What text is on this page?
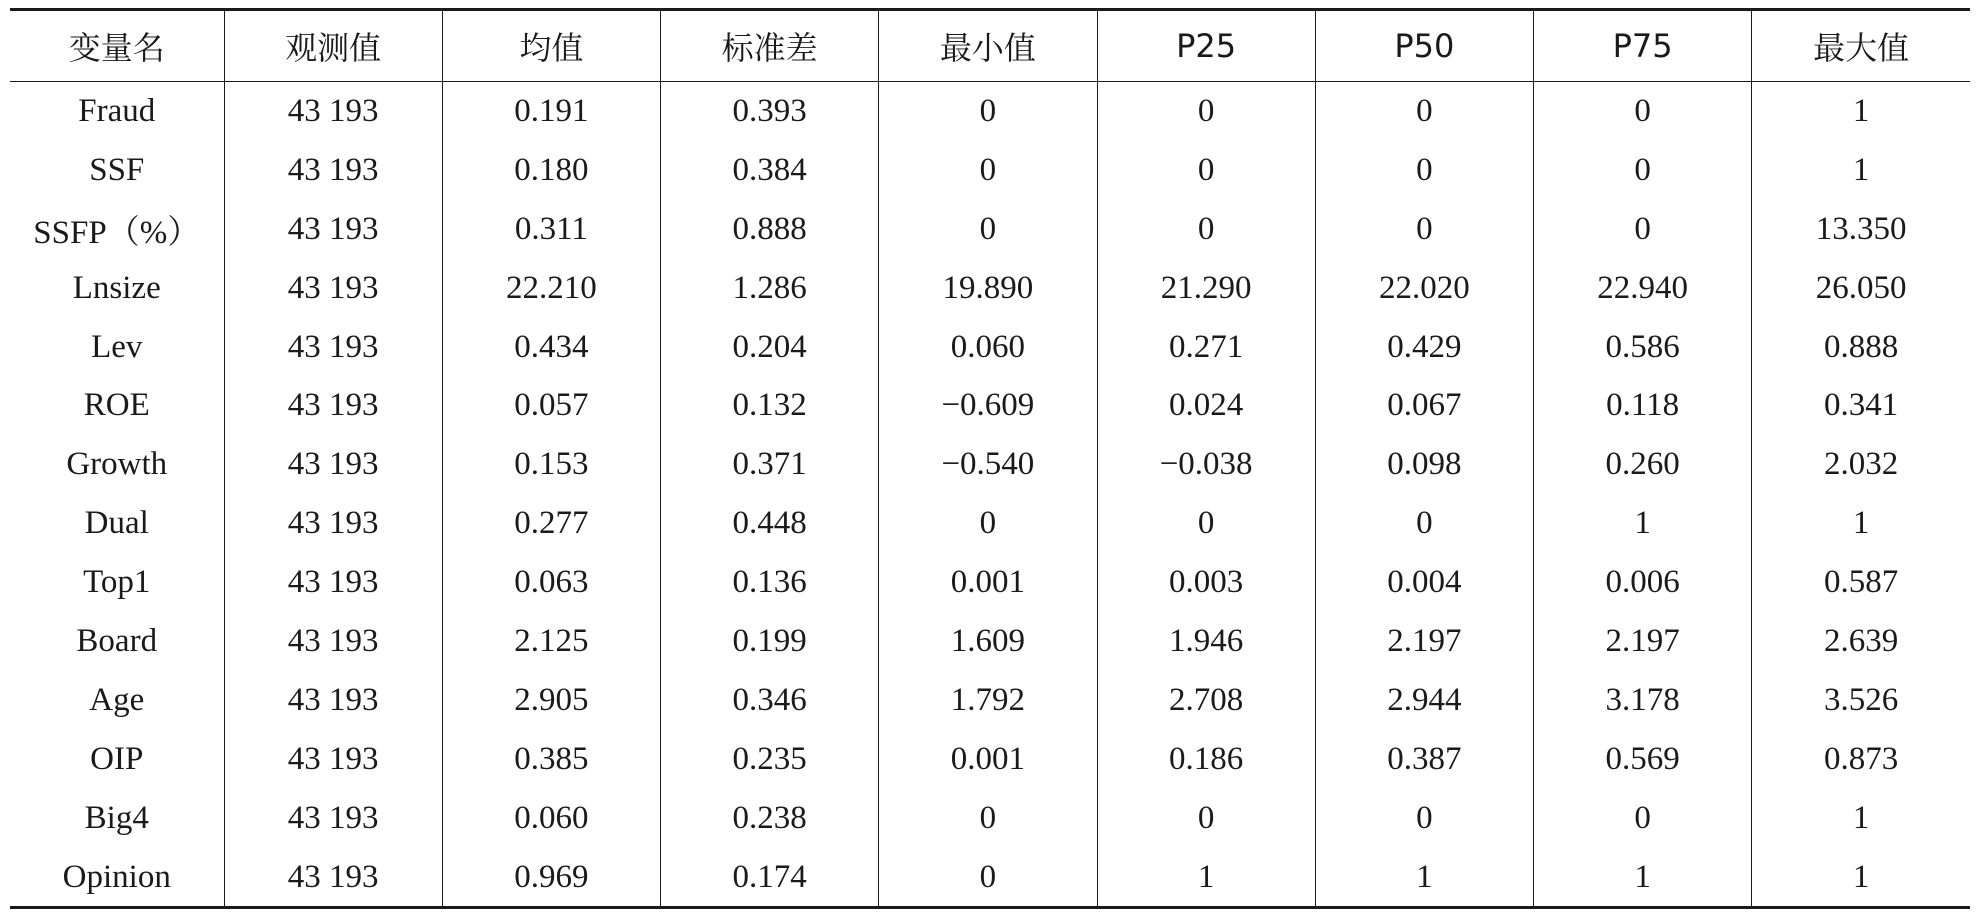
变量名	观测值	均值	标准差	最小值	P25	P50	P75	最大值
Fraud	43 193	0.191	0.393	0	0	0	0	1
SSF	43 193	0.180	0.384	0	0	0	0	1
SSFP（%）	43 193	0.311	0.888	0	0	0	0	13.350
Lnsize	43 193	22.210	1.286	19.890	21.290	22.020	22.940	26.050
Lev	43 193	0.434	0.204	0.060	0.271	0.429	0.586	0.888
ROE	43 193	0.057	0.132	−0.609	0.024	0.067	0.118	0.341
Growth	43 193	0.153	0.371	−0.540	−0.038	0.098	0.260	2.032
Dual	43 193	0.277	0.448	0	0	0	1	1
Top1	43 193	0.063	0.136	0.001	0.003	0.004	0.006	0.587
Board	43 193	2.125	0.199	1.609	1.946	2.197	2.197	2.639
Age	43 193	2.905	0.346	1.792	2.708	2.944	3.178	3.526
OIP	43 193	0.385	0.235	0.001	0.186	0.387	0.569	0.873
Big4	43 193	0.060	0.238	0	0	0	0	1
Opinion	43 193	0.969	0.174	0	1	1	1	1
